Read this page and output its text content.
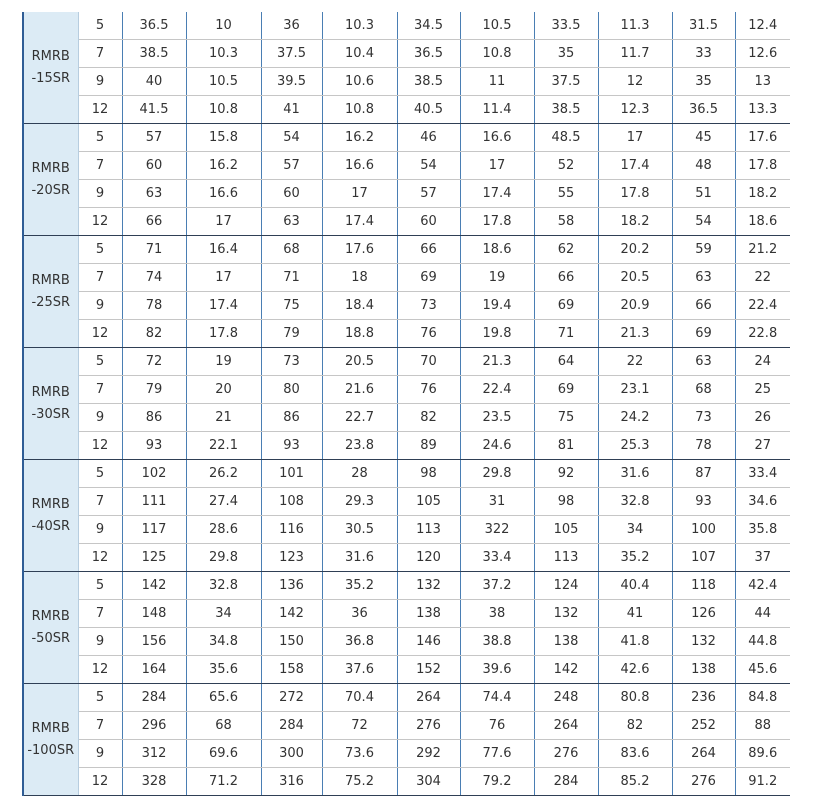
RMRB
-15SR	5	36.5	10	36	10.3	34.5	10.5	33.5	11.3	31.5	12.4
	7	38.5	10.3	37.5	10.4	36.5	10.8	35	11.7	33	12.6
	9	40	10.5	39.5	10.6	38.5	11	37.5	12	35	13
	12	41.5	10.8	41	10.8	40.5	11.4	38.5	12.3	36.5	13.3

RMRB
-20SR	5	57	15.8	54	16.2	46	16.6	48.5	17	45	17.6
	7	60	16.2	57	16.6	54	17	52	17.4	48	17.8
	9	63	16.6	60	17	57	17.4	55	17.8	51	18.2
	12	66	17	63	17.4	60	17.8	58	18.2	54	18.6

RMRB
-25SR	5	71	16.4	68	17.6	66	18.6	62	20.2	59	21.2
	7	74	17	71	18	69	19	66	20.5	63	22
	9	78	17.4	75	18.4	73	19.4	69	20.9	66	22.4
	12	82	17.8	79	18.8	76	19.8	71	21.3	69	22.8

RMRB
-30SR	5	72	19	73	20.5	70	21.3	64	22	63	24
	7	79	20	80	21.6	76	22.4	69	23.1	68	25
	9	86	21	86	22.7	82	23.5	75	24.2	73	26
	12	93	22.1	93	23.8	89	24.6	81	25.3	78	27

RMRB
-40SR	5	102	26.2	101	28	98	29.8	92	31.6	87	33.4
	7	111	27.4	108	29.3	105	31	98	32.8	93	34.6
	9	117	28.6	116	30.5	113	322	105	34	100	35.8
	12	125	29.8	123	31.6	120	33.4	113	35.2	107	37

RMRB
-50SR	5	142	32.8	136	35.2	132	37.2	124	40.4	118	42.4
	7	148	34	142	36	138	38	132	41	126	44
	9	156	34.8	150	36.8	146	38.8	138	41.8	132	44.8
	12	164	35.6	158	37.6	152	39.6	142	42.6	138	45.6

RMRB
-100SR	5	284	65.6	272	70.4	264	74.4	248	80.8	236	84.8
	7	296	68	284	72	276	76	264	82	252	88
	9	312	69.6	300	73.6	292	77.6	276	83.6	264	89.6
	12	328	71.2	316	75.2	304	79.2	284	85.2	276	91.2
